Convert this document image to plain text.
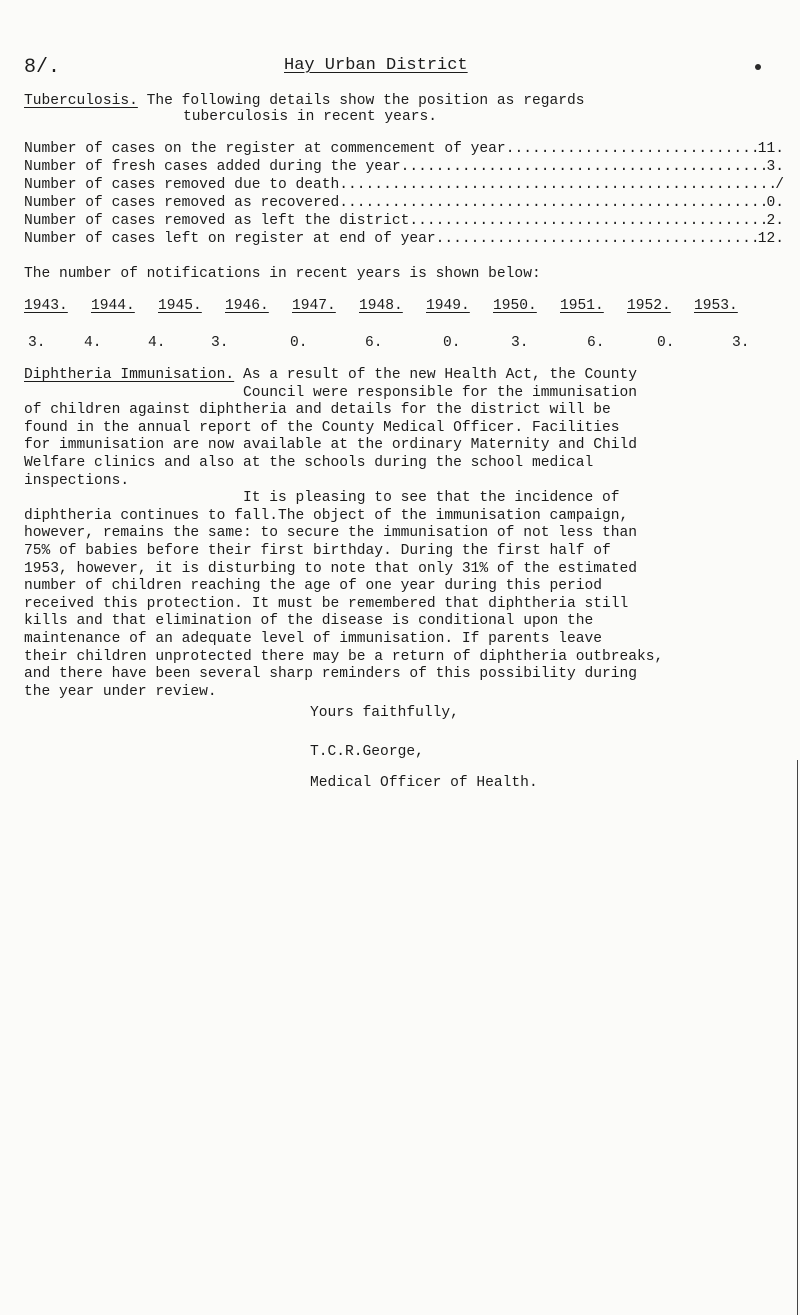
8/.	Hay Urban District
Tuberculosis. The following details show the position as regards
tuberculosis in recent years.
Number of cases on the register at commencement of year .....	11.
Number of fresh cases added during the year .....	3.
Number of cases removed due to death .....	/
Number of cases removed as recovered .....	0.
Number of cases removed as left the district .....	2.
Number of cases left on register at end of year .....	12.
The number of notifications in recent years is shown below:
1943. 1944. 1945. 1946. 1947. 1948. 1949. 1950. 1951. 1952. 1953.
3.	4.	4.	3.	0.	6.	0.	3.	6.	0.	3.
Diphtheria Immunisation. As a result of the new Health Act, the County
Council were responsible for the immunisation
of children against diphtheria and details for the district will be
found in the annual report of the County Medical Officer. Facilities
for immunisation are now available at the ordinary Maternity and Child
Welfare clinics and also at the schools during the school medical
inspections.
It is pleasing to see that the incidence of
diphtheria continues to fall.The object of the immunisation campaign,
however, remains the same: to secure the immunisation of not less than
75% of babies before their first birthday. During the first half of
1953, however, it is disturbing to note that only 31% of the estimated
number of children reaching the age of one year during this period
received this protection. It must be remembered that diphtheria still
kills and that elimination of the disease is conditional upon the
maintenance of an adequate level of immunisation. If parents leave
their children unprotected there may be a return of diphtheria outbreaks,
and there have been several sharp reminders of this possibility during
the year under review.
Yours faithfully,
T.C.R.George,
Medical Officer of Health.
